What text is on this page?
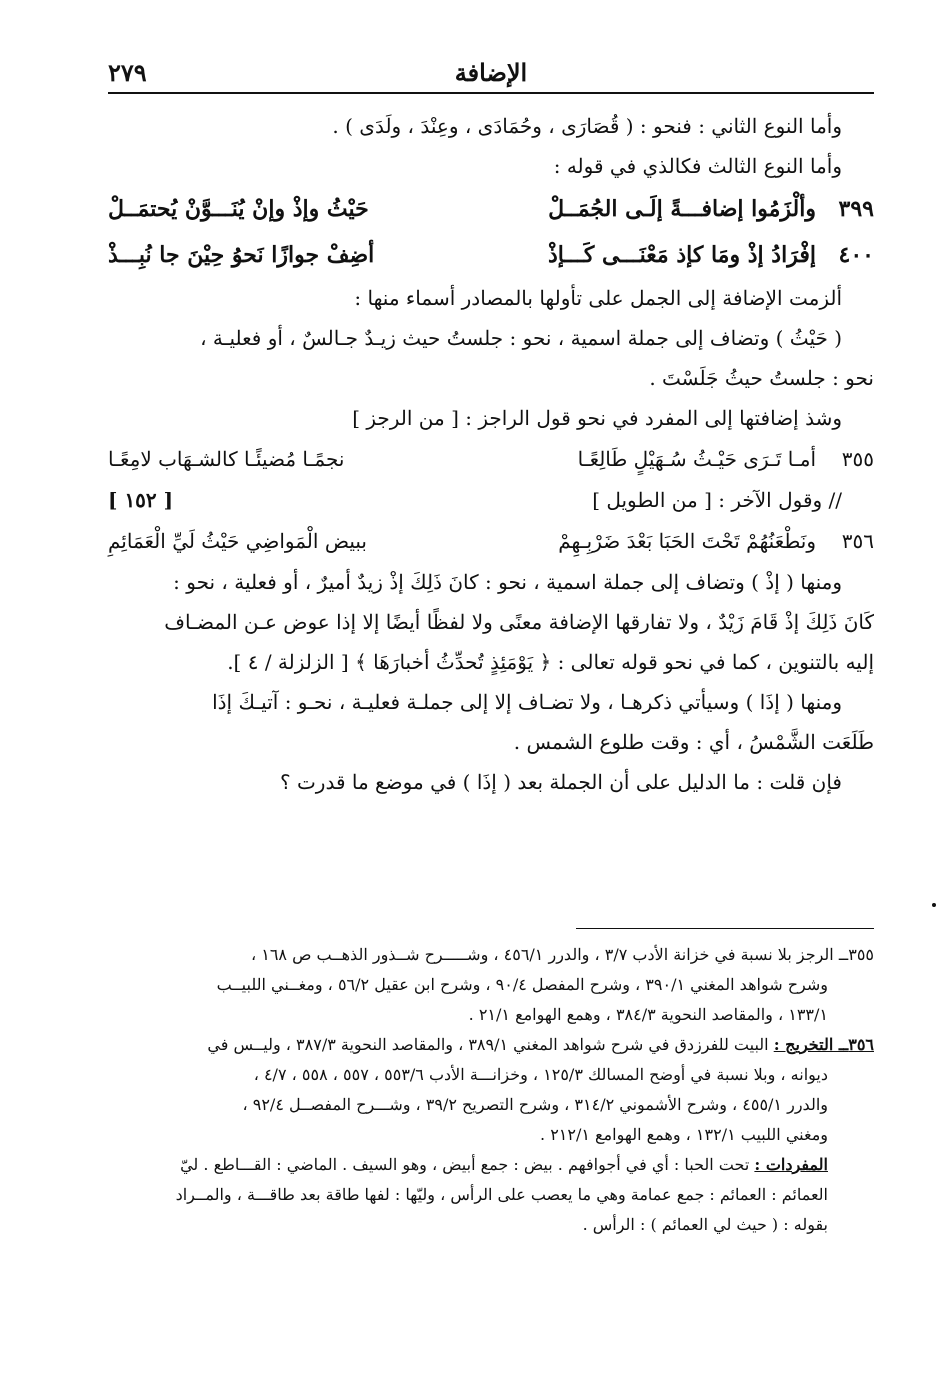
الإضافة
٢٧٩
وأما النوع الثاني : فنحو : ( قُصَارَى ، وحُمَادَى ، وعِنْدَ ، ولَدَى ) .
وأما النوع الثالث فكالذي في قوله :
٣٩٩
وألْزَمُوا إضافـــةً إلَـى الجُمَــلْ
حَيْثُ وإذْ وإنْ يُنَـــوَّنْ يُحتمَــلْ
٤٠٠
إفْرَادُ إذْ ومَا كإذ مَعْنَـــى كَـــإذْ
أضِفْ جوازًا نَحوُ حِيْنَ جا نُبِـــذْ
ألزمت الإضافة إلى الجمل على تأولها بالمصادر أسماء منها :
( حَيْثُ ) وتضاف إلى جملة اسمية ، نحو : جلستُ حيث زيـدٌ جـالسٌ ، أو فعليـة ،
نحو : جلستُ حيثُ جَلَسْتَ .
وشذ إضافتها إلى المفرد في نحو قول الراجز : [ من الرجز ]
٣٥٥
أمـا تَـرَى حَيْـثُ سُـهَيْلٍ طَالِعًـا
نجمًـا مُضيئًـا كالشـهَاب لامِعًـا
// وقول الآخر : [ من الطويل ]
[ ١٥٢ ]
٣٥٦
ونَطْعَنُهُمْ تَحْتَ الحَبَا بَعْدَ ضَرْبِـهِمْ
ببيض الْمَواضِي حَيْثُ لَيِّ الْعَمَائِمِ
ومنها ( إذْ ) وتضاف إلى جملة اسمية ، نحو : كانَ ذَلِكَ إذْ زيدٌ أميرٌ ، أو فعلية ، نحو :
كَانَ ذَلِكَ إذْ قَامَ زَيْدٌ ، ولا تفارقها الإضافة معنًى ولا لفظًا أيضًا إلا إذا عوض عـن المضـاف
إليه بالتنوين ، كما في نحو قوله تعالى : ﴿ يَوْمَئِذٍ تُحدِّثُ أخبارَهَا ﴾ [ الزلزلة / ٤ ].
ومنها ( إذَا ) وسيأتي ذكرهـا ، ولا تضـاف إلا إلى جملـة فعليـة ، نحـو : آتيـكَ إذَا
طَلَعَت الشَّمْسُ ، أي : وقت طلوع الشمس .
فإن قلت : ما الدليل على أن الجملة بعد ( إذَا ) في موضع ما قدرت ؟
٣٥٥ــ الرجز بلا نسبة في خزانة الأدب ٣/٧ ، والدرر ٤٥٦/١ ، وشـــــرح شــذور الذهــب ص ١٦٨ ،
وشرح شواهد المغني ٣٩٠/١ ، وشرح المفصل ٩٠/٤ ، وشرح ابن عقيل ٥٦/٢ ، ومغــني اللبيــب
١٣٣/١ ، والمقاصد النحوية ٣٨٤/٣ ، وهمع الهوامع ٢١/١ .
٣٥٦ــ التخريج : البيت للفرزدق في شرح شواهد المغني ٣٨٩/١ ، والمقاصد النحوية ٣٨٧/٣ ، وليــس في
ديوانه ، وبلا نسبة في أوضح المسالك ١٢٥/٣ ، وخزانـــة الأدب ٥٥٣/٦ ، ٥٥٧ ، ٥٥٨ ، ٤/٧ ،
والدرر ٤٥٥/١ ، وشرح الأشموني ٣١٤/٢ ، وشرح التصريح ٣٩/٢ ، وشـــرح المفصــل ٩٢/٤ ،
ومغني اللبيب ١٣٢/١ ، وهمع الهوامع ٢١٢/١ .
المفردات : تحت الحبا : أي في أجوافهم . بيض : جمع أبيض ، وهو السيف . الماضي : القـــاطع . ليّ
العمائم : العمائم : جمع عمامة وهي ما يعصب على الرأس ، وليّها : لفها طاقة بعد طاقـــة ، والمــراد
بقوله : ( حيث لي العمائم ) : الرأس .
